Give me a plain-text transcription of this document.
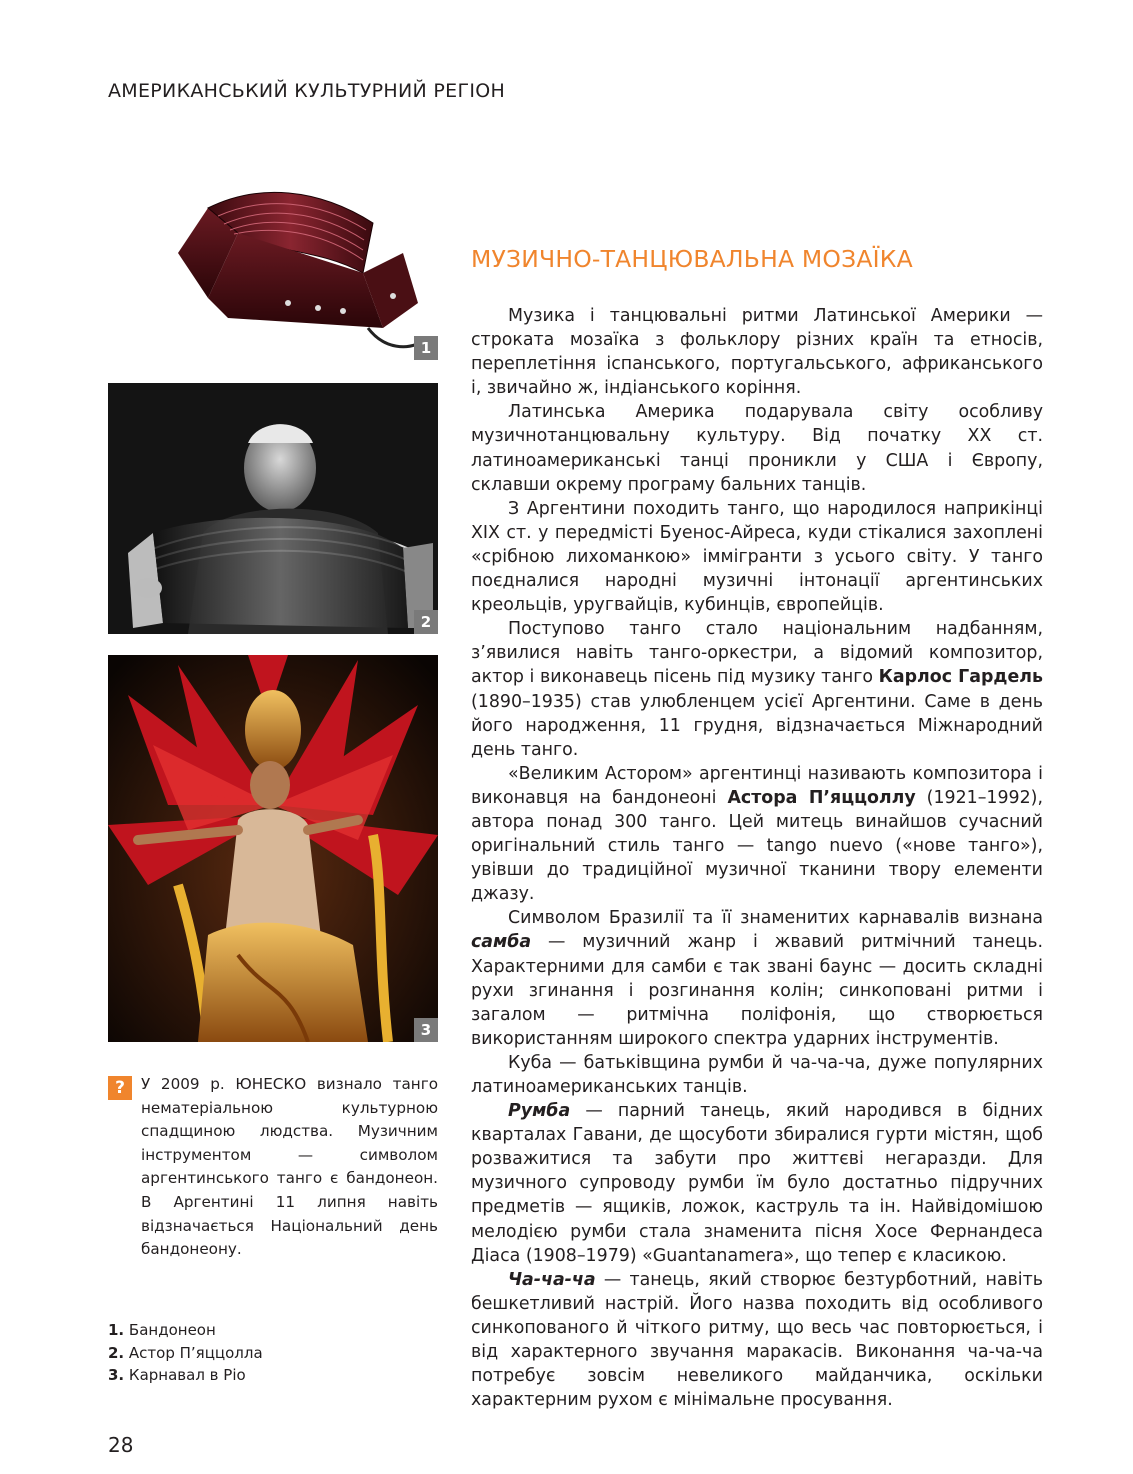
АМЕРИКАНСЬКИЙ КУЛЬТУРНИЙ РЕГІОН
1
2
3
?	У 2009 р. ЮНЕСКО визнало танго нематеріальною культурною спадщиною людства. Музичним інструментом — символом аргентинського танго є бандонеон. В Аргентині 11 липня навіть відзначається Національний день бандонеону.
1. Бандонеон
2. Астор П’яццолла
3. Карнавал в Ріо
28
МУЗИЧНО-ТАНЦЮВАЛЬНА МОЗАЇКА

Музика і танцювальні ритми Латинської Америки — строката мозаїка з фольклору різних країн та етносів, переплетіння іспанського, португальського, африканського і, звичайно ж, індіанського коріння.

Латинська Америка подарувала світу особливу музичнотанцювальну культуру. Від початку XX ст. латиноамериканські танці проникли у США і Європу, склавши окрему програму бальних танців.

З Аргентини походить танго, що народилося наприкінці XIX ст. у передмісті Буенос-Айреса, куди стікалися захоплені «срібною лихоманкою» іммігранти з усього світу. У танго поєдналися народні музичні інтонації аргентинських креольців, уругвайців, кубинців, європейців.

Поступово танго стало національним надбанням, з’явилися навіть танго-оркестри, а відомий композитор, актор і виконавець пісень під музику танго Карлос Гардель (1890–1935) став улюбленцем усієї Аргентини. Саме в день його народження, 11 грудня, відзначається Міжнародний день танго.

«Великим Астором» аргентинці називають композитора і виконавця на бандонеоні Астора П’яццоллу (1921–1992), автора понад 300 танго. Цей митець винайшов сучасний оригінальний стиль танго — tango nuevo («нове танго»), увівши до традиційної музичної тканини твору елементи джазу.

Символом Бразилії та її знаменитих карнавалів визнана самба — музичний жанр і жвавий ритмічний танець. Характерними для самби є так звані баунс — досить складні рухи згинання і розгинання колін; синкоповані ритми і загалом — ритмічна поліфонія, що створюється використанням широкого спектра ударних інструментів.

Куба — батьківщина румби й ча-ча-ча, дуже популярних латиноамериканських танців.

Румба — парний танець, який народився в бідних кварталах Гавани, де щосуботи збиралися гурти містян, щоб розважитися та забути про життєві негаразди. Для музичного супроводу румби їм було достатньо підручних предметів — ящиків, ложок, каструль та ін. Найвідомішою мелодією румби стала знаменита пісня Хосе Фернандеса Діаса (1908–1979) «Guantanamera», що тепер є класикою.

Ча-ча-ча — танець, який створює безтурботний, навіть бешкетливий настрій. Його назва походить від особливого синкопованого й чіткого ритму, що весь час повторюється, і від характерного звучання маракасів. Виконання ча-ча-ча потребує зовсім невеликого майданчика, оскільки характерним рухом є мінімальне просування.
